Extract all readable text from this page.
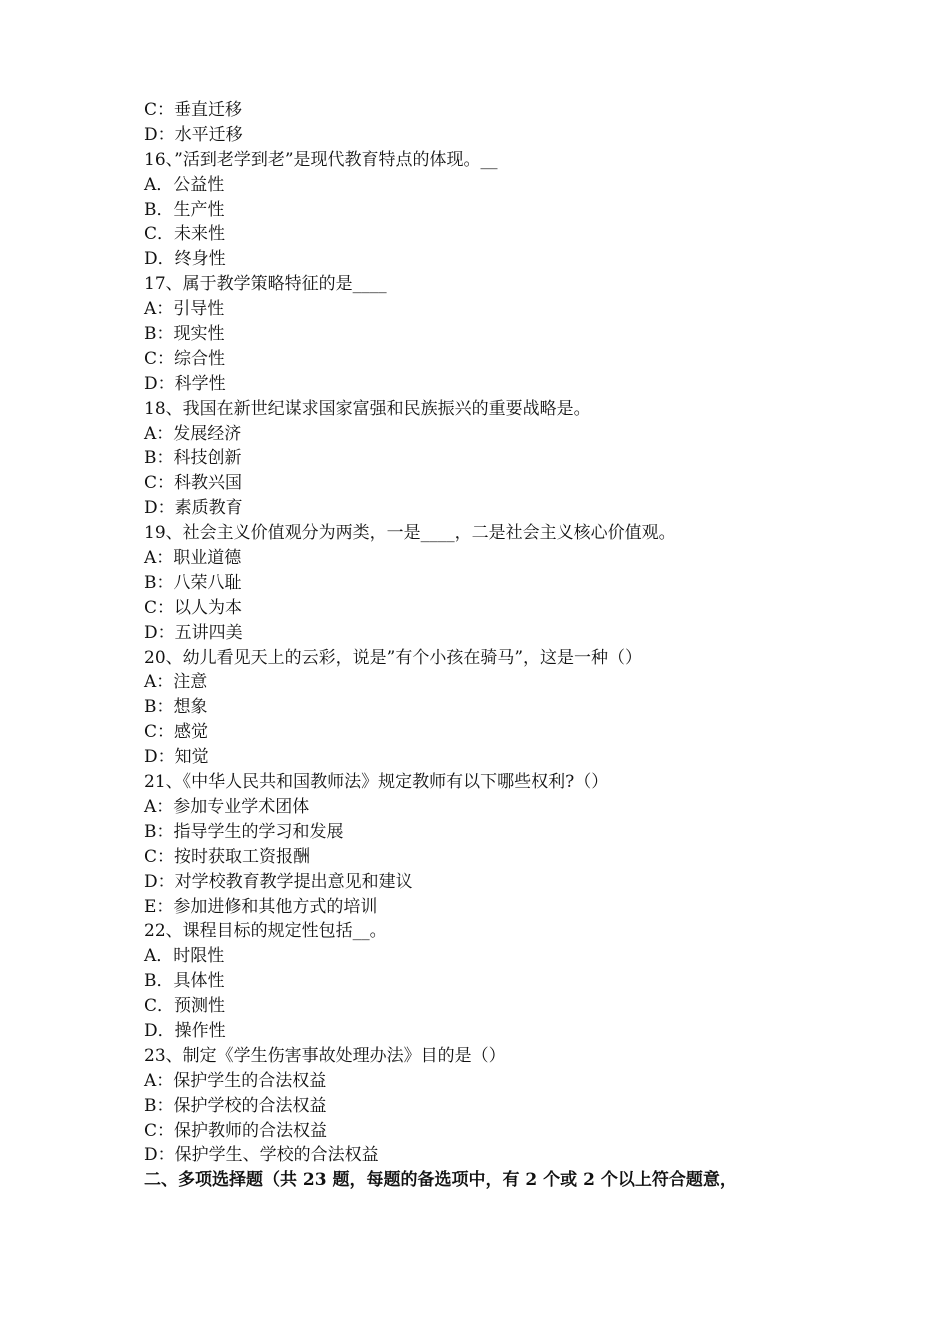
C：垂直迁移
D：水平迁移
16、”活到老学到老”是现代教育特点的体现。__
A．公益性
B．生产性
C．未来性
D．终身性
17、属于教学策略特征的是____
A：引导性
B：现实性
C：综合性
D：科学性
18、我国在新世纪谋求国家富强和民族振兴的重要战略是。
A：发展经济
B：科技创新
C：科教兴国
D：素质教育
19、社会主义价值观分为两类，一是____，二是社会主义核心价值观。
A：职业道德
B：八荣八耻
C：以人为本
D：五讲四美
20、幼儿看见天上的云彩，说是”有个小孩在骑马”，这是一种（）
A：注意
B：想象
C：感觉
D：知觉
21、《中华人民共和国教师法》规定教师有以下哪些权利?（）
A：参加专业学术团体
B：指导学生的学习和发展
C：按时获取工资报酬
D：对学校教育教学提出意见和建议
E：参加进修和其他方式的培训
22、课程目标的规定性包括__。
A．时限性
B．具体性
C．预测性
D．操作性
23、制定《学生伤害事故处理办法》目的是（）
A：保护学生的合法权益
B：保护学校的合法权益
C：保护教师的合法权益
D：保护学生、学校的合法权益
二、多项选择题（共 23 题，每题的备选项中，有 2 个或 2 个以上符合题意，
